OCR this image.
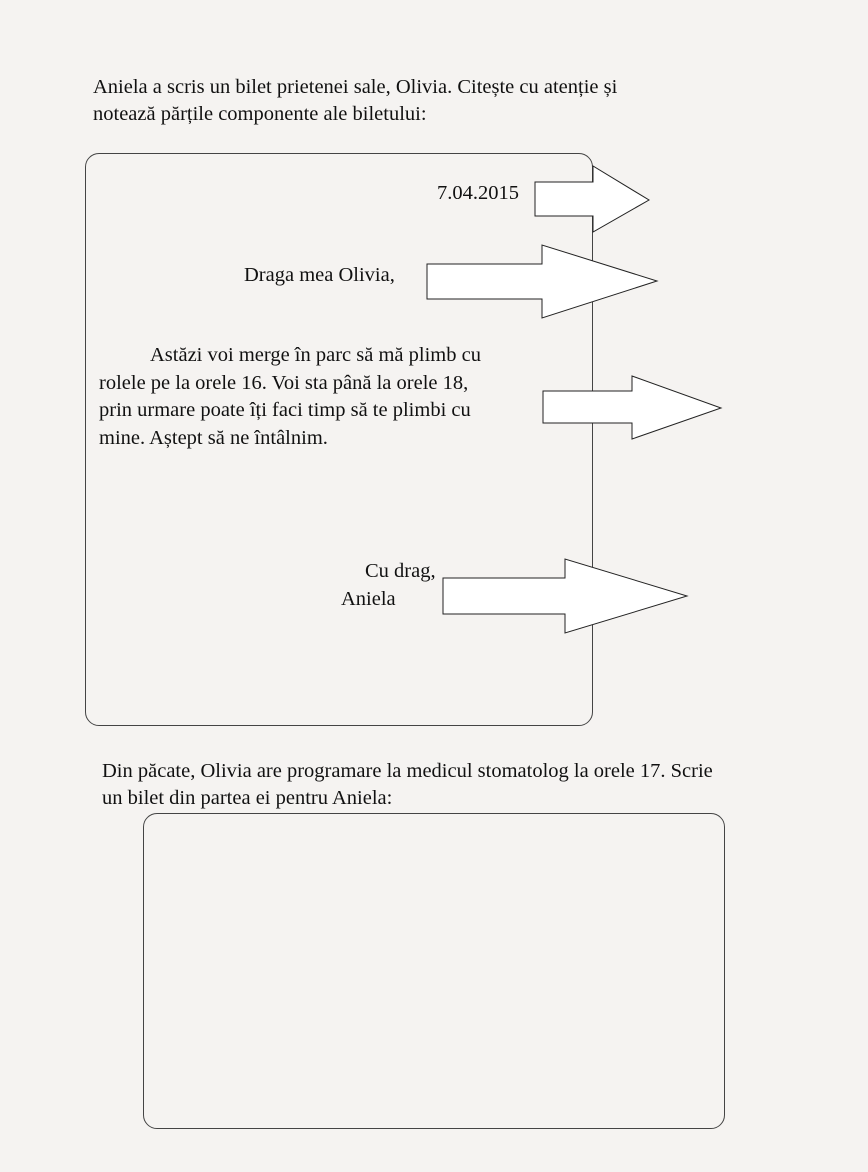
Aniela a scris un bilet prietenei sale, Olivia. Citește cu atenție și
notează părțile componente ale biletului:
7.04.2015
Draga mea Olivia,
Astăzi voi merge în parc să mă plimb cu
rolele pe la orele 16. Voi sta până la orele 18,
prin urmare poate îți faci timp să te plimbi cu
mine. Aștept să ne întâlnim.
Cu drag,
Aniela
Din păcate, Olivia are programare la medicul stomatolog la orele 17. Scrie
un bilet din partea ei pentru Aniela:
